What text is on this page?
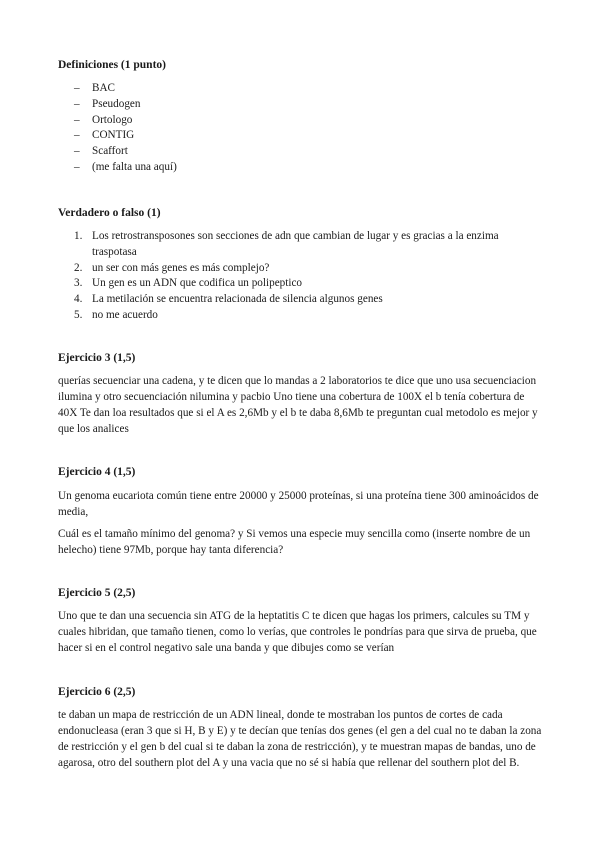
Definiciones (1 punto)
– BAC
– Pseudogen
– Ortologo
– CONTIG
– Scaffort
– (me falta una aquí)
Verdadero o falso (1)
1. Los retrostransposones son secciones de adn que cambian de lugar y es gracias a la enzima traspotasa
2. un ser con más genes es más complejo?
3. Un gen es un ADN que codifica un polipeptico
4. La metilación se encuentra relacionada de silencia algunos genes
5. no me acuerdo
Ejercicio 3 (1,5)

querías secuenciar una cadena, y te dicen que lo mandas a 2 laboratorios te dice que uno usa secuenciacion ilumina y otro secuenciación nilumina y pacbio Uno tiene una cobertura de 100X el b tenía cobertura de 40X Te dan loa resultados que si el A es 2,6Mb y el b te daba 8,6Mb te preguntan cual metodolo es mejor y que los analices

Ejercicio 4 (1,5)

Un genoma eucariota común tiene entre 20000 y 25000 proteínas, si una proteína tiene 300 aminoácidos de media,

Cuál es el tamaño mínimo del genoma? y Si vemos una especie muy sencilla como (inserte nombre de un helecho) tiene 97Mb, porque hay tanta diferencia?

Ejercicio 5 (2,5)

Uno que te dan una secuencia sin ATG de la heptatitis C te dicen que hagas los primers, calcules su TM y cuales hibridan, que tamaño tienen, como lo verías, que controles le pondrías para que sirva de prueba, que hacer si en el control negativo sale una banda y que dibujes como se verían

Ejercicio 6 (2,5)

te daban un mapa de restricción de un ADN lineal, donde te mostraban los puntos de cortes de cada endonucleasa (eran 3 que si H, B y E) y te decían que tenías dos genes (el gen a del cual no te daban la zona de restricción y el gen b del cual si te daban la zona de restricción), y te muestran mapas de bandas, uno de agarosa, otro del southern plot del A y una vacia que no sé si había que rellenar del southern plot del B.
